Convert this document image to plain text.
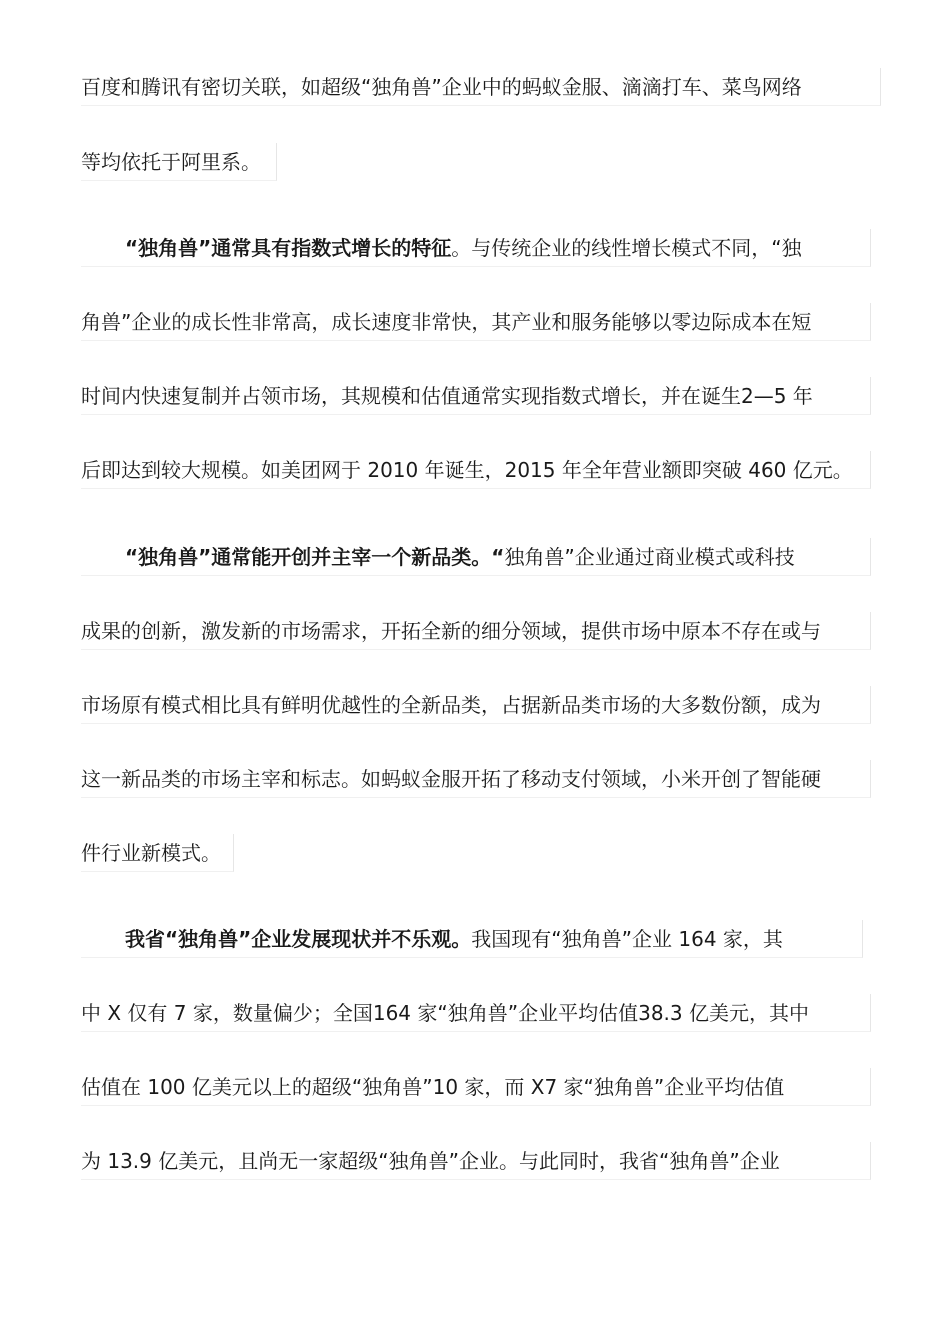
百度和腾讯有密切关联，如超级“独角兽”企业中的蚂蚁金服、滴滴打车、菜鸟网络
等均依托于阿里系。
“独角兽”通常具有指数式增长的特征。与传统企业的线性增长模式不同，“独
角兽”企业的成长性非常高，成长速度非常快，其产业和服务能够以零边际成本在短
时间内快速复制并占领市场，其规模和估值通常实现指数式增长，并在诞生2—5 年
后即达到较大规模。如美团网于 2010 年诞生，2015 年全年营业额即突破 460 亿元。
“独角兽”通常能开创并主宰一个新品类。“独角兽”企业通过商业模式或科技
成果的创新，激发新的市场需求，开拓全新的细分领域，提供市场中原本不存在或与
市场原有模式相比具有鲜明优越性的全新品类，占据新品类市场的大多数份额，成为
这一新品类的市场主宰和标志。如蚂蚁金服开拓了移动支付领域，小米开创了智能硬
件行业新模式。
我省“独角兽”企业发展现状并不乐观。我国现有“独角兽”企业 164 家，其
中 X 仅有 7 家，数量偏少；全国164 家“独角兽”企业平均估值38.3 亿美元，其中
估值在 100 亿美元以上的超级“独角兽”10 家，而 X7 家“独角兽”企业平均估值
为 13.9 亿美元，且尚无一家超级“独角兽”企业。与此同时，我省“独角兽”企业
